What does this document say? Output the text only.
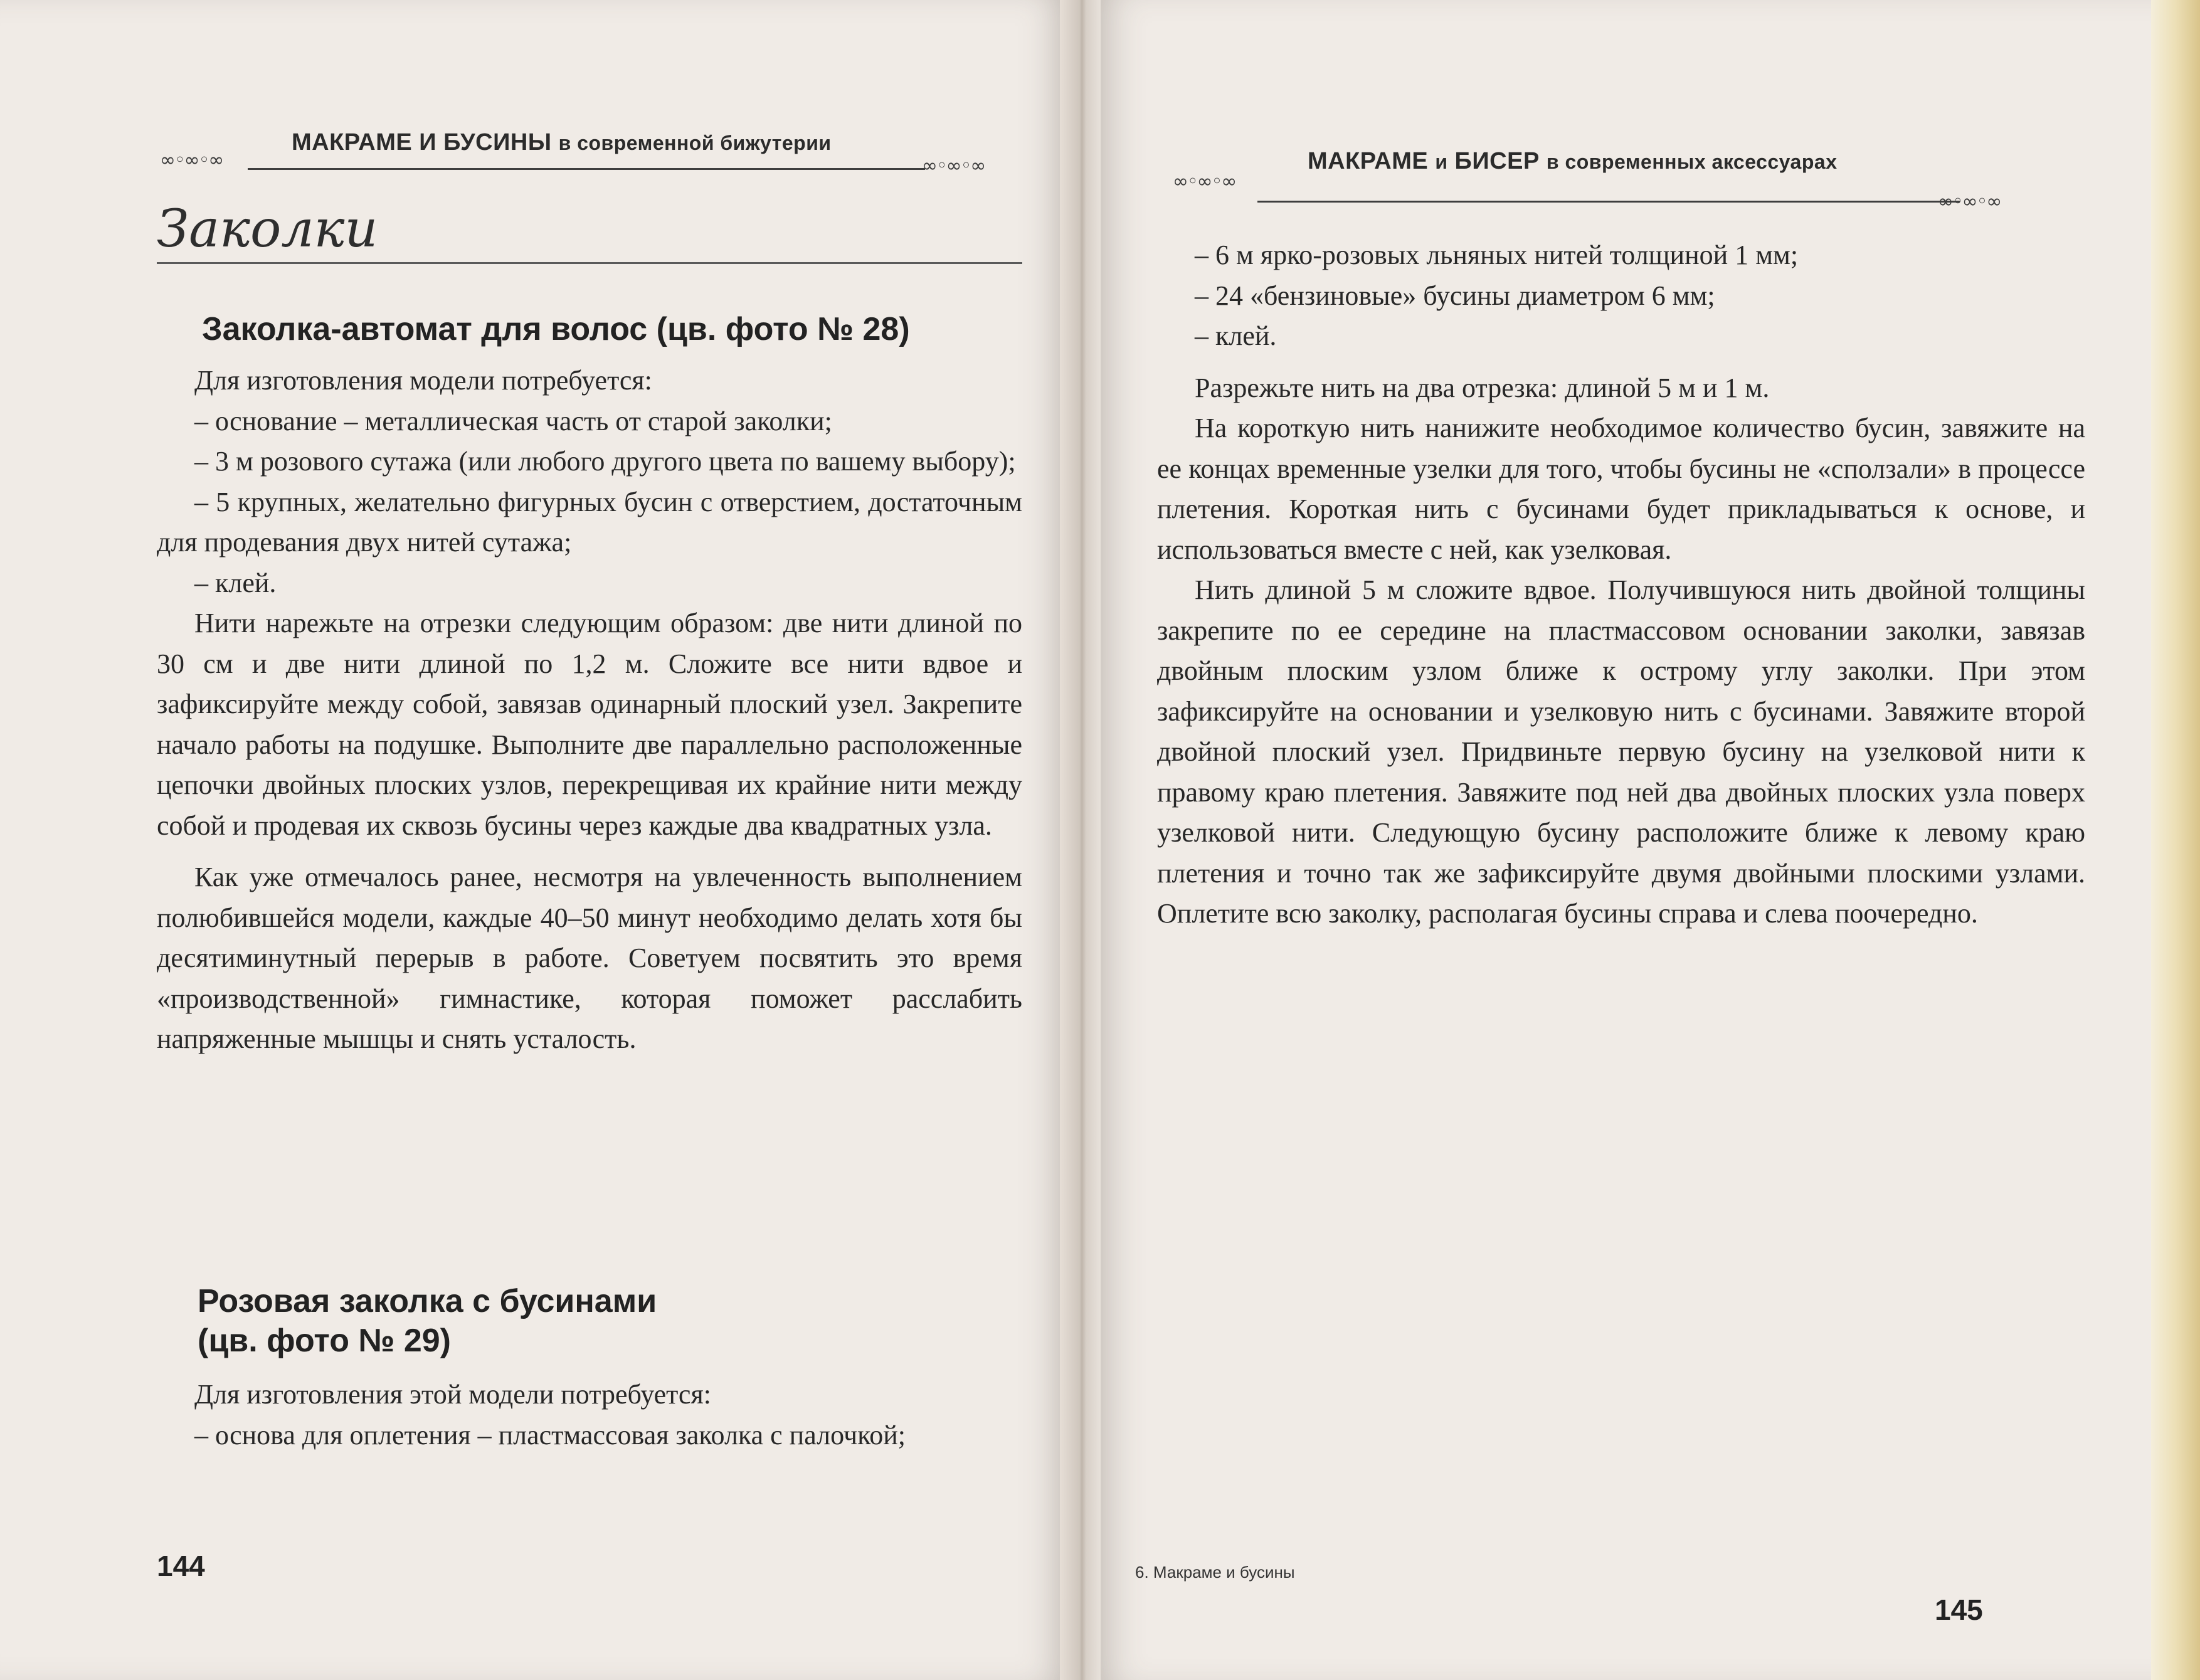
∞◦∞◦∞
МАКРАМЕ И БУСИНЫ в современной бижутерии
∞◦∞◦∞
Заколки
Заколка-автомат для волос (цв. фото № 28)

Для изготовления модели потребуется:

– основание – металлическая часть от старой заколки;

– 3 м розового сутажа (или любого другого цвета по вашему выбору);

– 5 крупных, желательно фигурных бусин с отверстием, достаточным для продевания двух нитей сутажа;

– клей.

Нити нарежьте на отрезки следующим образом: две нити длиной по 30 см и две нити длиной по 1,2 м. Сложите все нити вдвое и зафиксируйте между собой, завязав одинарный плоский узел. Закрепите начало работы на подушке. Выполните две параллельно расположенные цепочки двойных плоских узлов, перекрещивая их крайние нити между собой и продевая их сквозь бусины через каждые два квадратных узла.

Как уже отмечалось ранее, несмотря на увлеченность выполнением полюбившейся модели, каждые 40–50 минут необходимо делать хотя бы десятиминутный перерыв в работе. Советуем посвятить это время «производственной» гимнастике, которая поможет расслабить напряженные мышцы и снять усталость.

Розовая заколка с бусинами
(цв. фото № 29)

Для изготовления этой модели потребуется:

– основа для оплетения – пластмассовая заколка с палочкой;

144
∞◦∞◦∞
МАКРАМЕ и БИСЕР в современных аксессуарах
∞◦∞◦∞

– 6 м ярко-розовых льняных нитей толщиной 1 мм;

– 24 «бензиновые» бусины диаметром 6 мм;

– клей.

Разрежьте нить на два отрезка: длиной 5 м и 1 м.

На короткую нить нанижите необходимое количество бусин, завяжите на ее концах временные узелки для того, чтобы бусины не «сползали» в процессе плетения. Короткая нить с бусинами будет прикладываться к основе, и использоваться вместе с ней, как узелковая.

Нить длиной 5 м сложите вдвое. Получившуюся нить двойной толщины закрепите по ее середине на пластмассовом основании заколки, завязав двойным плоским узлом ближе к острому углу заколки. При этом зафиксируйте на основании и узелковую нить с бусинами. Завяжите второй двойной плоский узел. Придвиньте первую бусину на узелковой нити к правому краю плетения. Завяжите под ней два двойных плоских узла поверх узелковой нити. Следующую бусину расположите ближе к левому краю плетения и точно так же зафиксируйте двумя двойными плоскими узлами. Оплетите всю заколку, располагая бусины справа и слева поочередно.

6. Макраме и бусины
145
